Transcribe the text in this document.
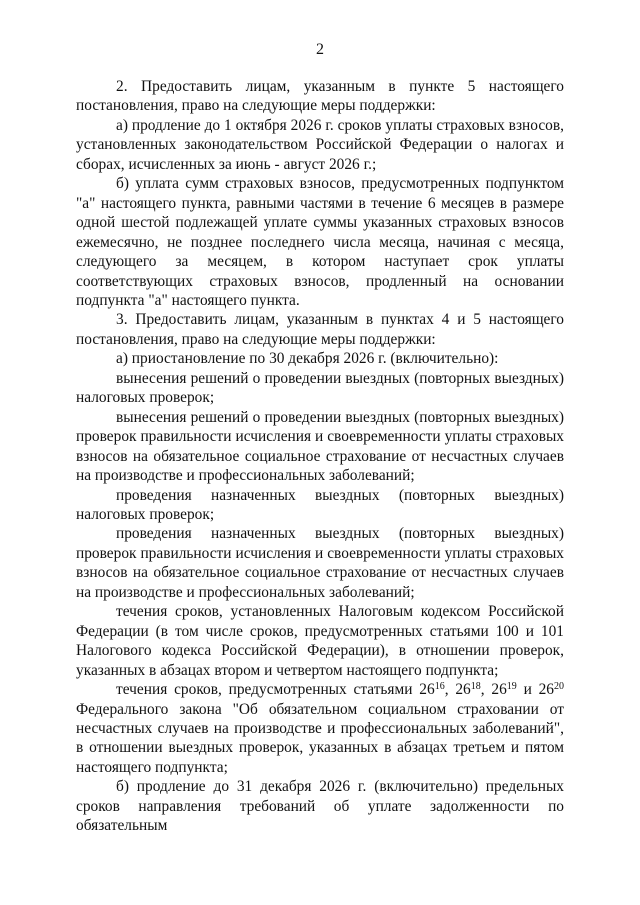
2

2. Предоставить лицам, указанным в пункте 5 настоящего постановления, право на следующие меры поддержки:

а) продление до 1 октября 2026 г. сроков уплаты страховых взносов, установленных законодательством Российской Федерации о налогах и сборах, исчисленных за июнь - август 2026 г.;

б) уплата сумм страховых взносов, предусмотренных подпунктом "а" настоящего пункта, равными частями в течение 6 месяцев в размере одной шестой подлежащей уплате суммы указанных страховых взносов ежемесячно, не позднее последнего числа месяца, начиная с месяца, следующего за месяцем, в котором наступает срок уплаты соответствующих страховых взносов, продленный на основании подпункта "а" настоящего пункта.

3. Предоставить лицам, указанным в пунктах 4 и 5 настоящего постановления, право на следующие меры поддержки:

а) приостановление по 30 декабря 2026 г. (включительно):

вынесения решений о проведении выездных (повторных выездных) налоговых проверок;

вынесения решений о проведении выездных (повторных выездных) проверок правильности исчисления и своевременности уплаты страховых взносов на обязательное социальное страхование от несчастных случаев на производстве и профессиональных заболеваний;

проведения назначенных выездных (повторных выездных) налоговых проверок;

проведения назначенных выездных (повторных выездных) проверок правильности исчисления и своевременности уплаты страховых взносов на обязательное социальное страхование от несчастных случаев на производстве и профессиональных заболеваний;

течения сроков, установленных Налоговым кодексом Российской Федерации (в том числе сроков, предусмотренных статьями 100 и 101 Налогового кодекса Российской Федерации), в отношении проверок, указанных в абзацах втором и четвертом настоящего подпункта;

течения сроков, предусмотренных статьями $26^{16}$, $26^{18}$, $26^{19}$ и $26^{20}$ Федерального закона "Об обязательном социальном страховании от несчастных случаев на производстве и профессиональных заболеваний", в отношении выездных проверок, указанных в абзацах третьем и пятом настоящего подпункта;

б) продление до 31 декабря 2026 г. (включительно) предельных сроков направления требований об уплате задолженности по обязательным
